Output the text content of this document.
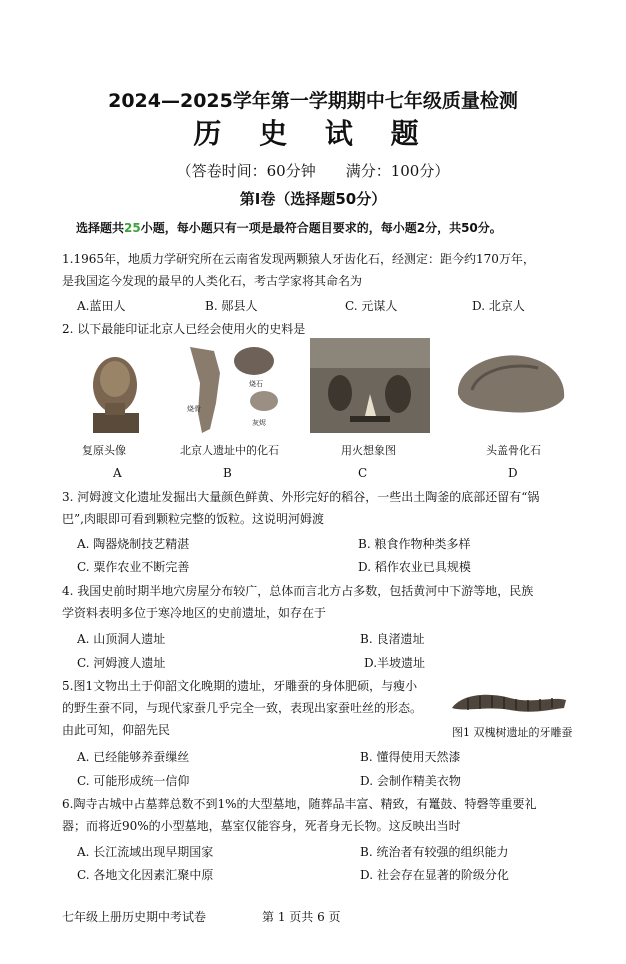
2024—2025学年第一学期期中七年级质量检测
历 史 试 题
（答卷时间：60分钟　　满分：100分）
第Ⅰ卷（选择题50分）
选择题共25小题，每小题只有一项是最符合题目要求的，每小题2分，共50分。
1.1965年，地质力学研究所在云南省发现两颗猿人牙齿化石，经测定：距今约170万年，
是我国迄今发现的最早的人类化石，考古学家将其命名为
A.蓝田人	B. 郧县人	C. 元谋人	D. 北京人
2. 以下最能印证北京人已经会使用火的史料是
复原头像
A
烧石
烧骨
灰烬
北京人遗址中的化石
B
用火想象图
C
头盖骨化石
D
3. 河姆渡文化遗址发掘出大量颜色鲜黄、外形完好的稻谷，一些出土陶釜的底部还留有“锅
巴”,肉眼即可看到颗粒完整的饭粒。这说明河姆渡
A. 陶器烧制技艺精湛	B. 粮食作物种类多样
C. 粟作农业不断完善	D. 稻作农业已具规模
4. 我国史前时期半地穴房屋分布较广，总体而言北方占多数，包括黄河中下游等地，民族
学资料表明多位于寒冷地区的史前遗址，如存在于
A. 山顶洞人遗址	B. 良渚遗址
C. 河姆渡人遗址	D.半坡遗址
5.图1文物出土于仰韶文化晚期的遗址，牙雕蚕的身体肥硕，与瘦小
的野生蚕不同，与现代家蚕几乎完全一致，表现出家蚕吐丝的形态。
由此可知，仰韶先民	图1 双槐树遗址的牙雕蚕
A. 已经能够养蚕缫丝	B. 懂得使用天然漆
C. 可能形成统一信仰	D. 会制作精美衣物
6.陶寺古城中占墓葬总数不到1%的大型墓地，随葬品丰富、精致，有鼍鼓、特磬等重要礼
器；而将近90%的小型墓地，墓室仅能容身，死者身无长物。这反映出当时
A. 长江流域出现早期国家	B. 统治者有较强的组织能力
C. 各地文化因素汇聚中原	D. 社会存在显著的阶级分化
七年级上册历史期中考试卷	第 1 页共 6 页
